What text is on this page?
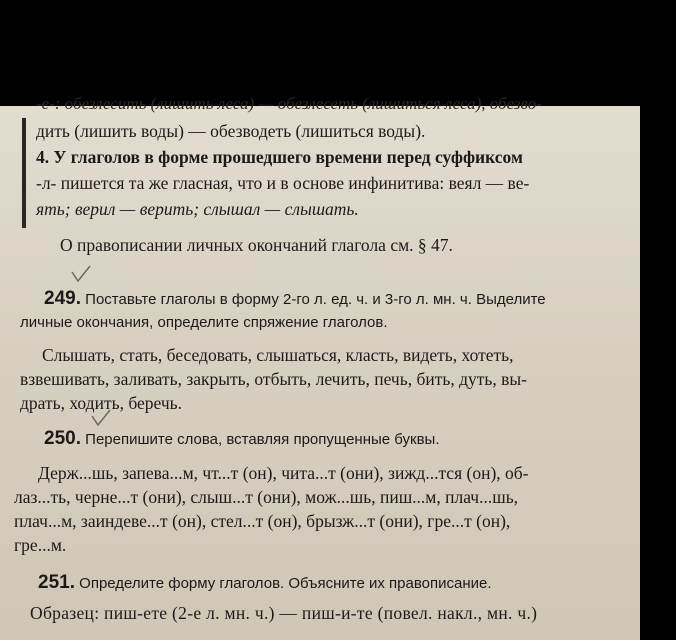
-е-: обезлесить (лишить леса) — обезлесеть (лишиться леса), обезво-
дить (лишить воды) — обезводеть (лишиться воды).
4. У глаголов в форме прошедшего времени перед суффиксом
-л- пишется та же гласная, что и в основе инфинитива: веял — ве-
ять; верил — верить; слышал — слышать.
О правописании личных окончаний глагола см. § 47.
249. Поставьте глаголы в форму 2-го л. ед. ч. и 3-го л. мн. ч. Выделите
личные окончания, определите спряжение глаголов.
Слышать, стать, беседовать, слышаться, класть, видеть, хотеть,
взвешивать, заливать, закрыть, отбыть, лечить, печь, бить, дуть, вы-
драть, ходить, беречь.
250. Перепишите слова, вставляя пропущенные буквы.
Держ...шь, запева...м, чт...т (он), чита...т (они), зижд...тся (он), об-
лаз...ть, черне...т (они), слыш...т (они), мож...шь, пиш...м, плач...шь,
плач...м, заиндеве...т (он), стел...т (он), брызж...т (они), гре...т (он),
гре...м.
251. Определите форму глаголов. Объясните их правописание.
Образец: пиш-ете (2-е л. мн. ч.) — пиш-и-те (повел. накл., мн. ч.)
